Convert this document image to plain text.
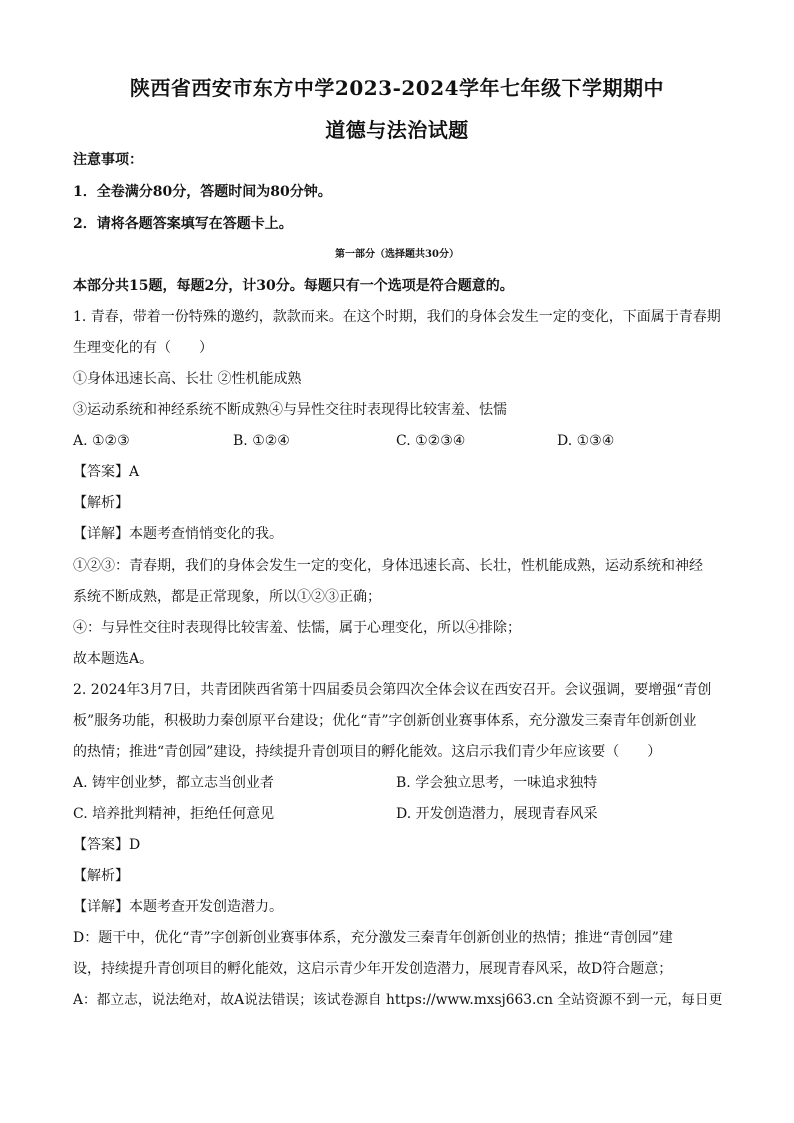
陕西省西安市东方中学2023-2024学年七年级下学期期中
道德与法治试题
注意事项：
1．全卷满分80分，答题时间为80分钟。
2．请将各题答案填写在答题卡上。
第一部分（选择题共30分）
本部分共15题，每题2分，计30分。每题只有一个选项是符合题意的。
1. 青春，带着一份特殊的邀约，款款而来。在这个时期，我们的身体会发生一定的变化，下面属于青春期
生理变化的有（　　）
①身体迅速长高、长壮 ②性机能成熟
③运动系统和神经系统不断成熟④与异性交往时表现得比较害羞、怯懦
A. ①②③	B. ①②④	C. ①②③④	D. ①③④
【答案】A
【解析】
【详解】本题考查悄悄变化的我。
①②③：青春期，我们的身体会发生一定的变化，身体迅速长高、长壮，性机能成熟，运动系统和神经
系统不断成熟，都是正常现象，所以①②③正确；
④：与异性交往时表现得比较害羞、怯懦，属于心理变化，所以④排除；
故本题选A。
2. 2024年3月7日，共青团陕西省第十四届委员会第四次全体会议在西安召开。会议强调，要增强“青创
板”服务功能，积极助力秦创原平台建设；优化“青”字创新创业赛事体系，充分激发三秦青年创新创业
的热情；推进“青创园”建设，持续提升青创项目的孵化能效。这启示我们青少年应该要（　　）
A. 铸牢创业梦，都立志当创业者	B. 学会独立思考，一味追求独特
C. 培养批判精神，拒绝任何意见	D. 开发创造潜力，展现青春风采
【答案】D
【解析】
【详解】本题考查开发创造潜力。
D：题干中，优化“青”字创新创业赛事体系，充分激发三秦青年创新创业的热情；推进“青创园”建
设，持续提升青创项目的孵化能效，这启示青少年开发创造潜力，展现青春风采，故D符合题意；
A：都立志，说法绝对，故A说法错误；该试卷源自 https://www.mxsj663.cn 全站资源不到一元，每日更
